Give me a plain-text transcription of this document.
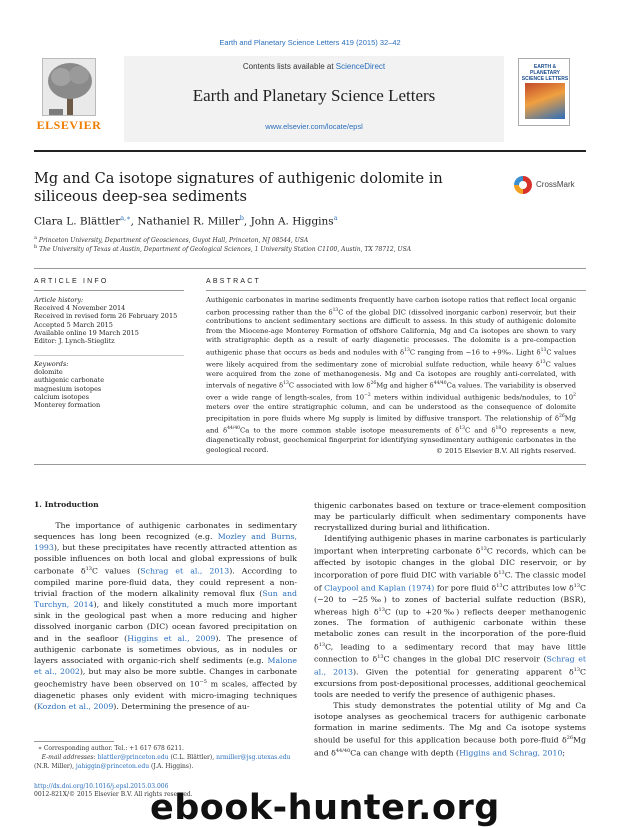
Earth and Planetary Science Letters 419 (2015) 32–42
ELSEVIER
Contents lists available at ScienceDirect
Earth and Planetary Science Letters
www.elsevier.com/locate/epsl
EARTH & PLANETARY SCIENCE LETTERS
Mg and Ca isotope signatures of authigenic dolomite in siliceous deep-sea sediments
CrossMark
Clara L. Blättler$^{a,∗}$, Nathaniel R. Miller$^b$, John A. Higgins$^a$
$^a$ Princeton University, Department of Geosciences, Guyot Hall, Princeton, NJ 08544, USA
$^b$ The University of Texas at Austin, Department of Geological Sciences, 1 University Station C1100, Austin, TX 78712, USA
ARTICLE INFO	ABSTRACT
Article history:
Received 4 November 2014
Received in revised form 26 February 2015
Accepted 5 March 2015
Available online 19 March 2015
Editor: J. Lynch-Stieglitz
Keywords:
dolomite
authigenic carbonate
magnesium isotopes
calcium isotopes
Monterey formation
Authigenic carbonates in marine sediments frequently have carbon isotope ratios that reflect local organic carbon processing rather than the $\delta^{13}C$ of the global DIC (dissolved inorganic carbon) reservoir, but their contributions to ancient sedimentary sections are difficult to assess. In this study of authigenic dolomite from the Miocene-age Monterey Formation of offshore California, Mg and Ca isotopes are shown to vary with stratigraphic depth as a result of early diagenetic processes. The dolomite is a pre-compaction authigenic phase that occurs as beds and nodules with $\delta^{13}C$ ranging from −16 to +9‰. Light $\delta^{13}C$ values were likely acquired from the sedimentary zone of microbial sulfate reduction, while heavy $\delta^{13}C$ values were acquired from the zone of methanogenesis. Mg and Ca isotopes are roughly anti-correlated, with intervals of negative $\delta^{13}C$ associated with low $\delta^{26}Mg$ and higher $\delta^{44/40}Ca$ values. The variability is observed over a wide range of length-scales, from $10^{-2}$ meters within individual authigenic beds/nodules, to $10^2$ meters over the entire stratigraphic column, and can be understood as the consequence of dolomite precipitation in pore fluids where Mg supply is limited by diffusive transport. The relationship of $\delta^{26}Mg$ and $\delta^{44/40}Ca$ to the more common stable isotope measurements of $\delta^{13}C$ and $\delta^{18}O$ represents a new, diagenetically robust, geochemical fingerprint for identifying synsedimentary authigenic carbonates in the geological record.	© 2015 Elsevier B.V. All rights reserved.
1. Introduction
The importance of authigenic carbonates in sedimentary sequences has long been recognized (e.g. Mozley and Burns, 1993), but these precipitates have recently attracted attention as possible influences on both local and global expressions of bulk carbonate $\delta^{13}C$ values (Schrag et al., 2013). According to compiled marine pore-fluid data, they could represent a non-trivial fraction of the modern alkalinity removal flux (Sun and Turchyn, 2014), and likely constituted a much more important sink in the geological past when a more reducing and higher dissolved inorganic carbon (DIC) ocean favored precipitation on and in the seafloor (Higgins et al., 2009). The presence of authigenic carbonate is sometimes obvious, as in nodules or layers associated with organic-rich shelf sediments (e.g. Malone et al., 2002), but may also be more subtle. Changes in carbonate geochemistry have been observed on $10^{-5}$ m scales, affected by diagenetic phases only evident with micro-imaging techniques (Kozdon et al., 2009). Determining the presence of au-
thigenic carbonates based on texture or trace-element composition may be particularly difficult when sedimentary components have recrystallized during burial and lithification.
Identifying authigenic phases in marine carbonates is particularly important when interpreting carbonate $\delta^{13}C$ records, which can be affected by isotopic changes in the global DIC reservoir, or by incorporation of pore fluid DIC with variable $\delta^{13}C$. The classic model of Claypool and Kaplan (1974) for pore fluid $\delta^{13}C$ attributes low $\delta^{13}C$ (−20 to −25‰) to zones of bacterial sulfate reduction (BSR), whereas high $\delta^{13}C$ (up to +20‰) reflects deeper methanogenic zones. The formation of authigenic carbonate within these metabolic zones can result in the incorporation of the pore-fluid $\delta^{13}C$, leading to a sedimentary record that may have little connection to $\delta^{13}C$ changes in the global DIC reservoir (Schrag et al., 2013). Given the potential for generating apparent $\delta^{13}C$ excursions from post-depositional processes, additional geochemical tools are needed to verify the presence of authigenic phases.
This study demonstrates the potential utility of Mg and Ca isotope analyses as geochemical tracers for authigenic carbonate formation in marine sediments. The Mg and Ca isotope systems should be useful for this application because both pore-fluid $\delta^{26}Mg$ and $\delta^{44/40}Ca$ can change with depth (Higgins and Schrag, 2010;
∗ Corresponding author. Tel.: +1 617 678 6211.
E-mail addresses: blattler@princeton.edu (C.L. Blättler), nrmiller@jsg.utexas.edu
(N.R. Miller), jahiggin@princeton.edu (J.A. Higgins).
http://dx.doi.org/10.1016/j.epsl.2015.03.006
0012-821X/© 2015 Elsevier B.V. All rights reserved.
ebook-hunter.org
